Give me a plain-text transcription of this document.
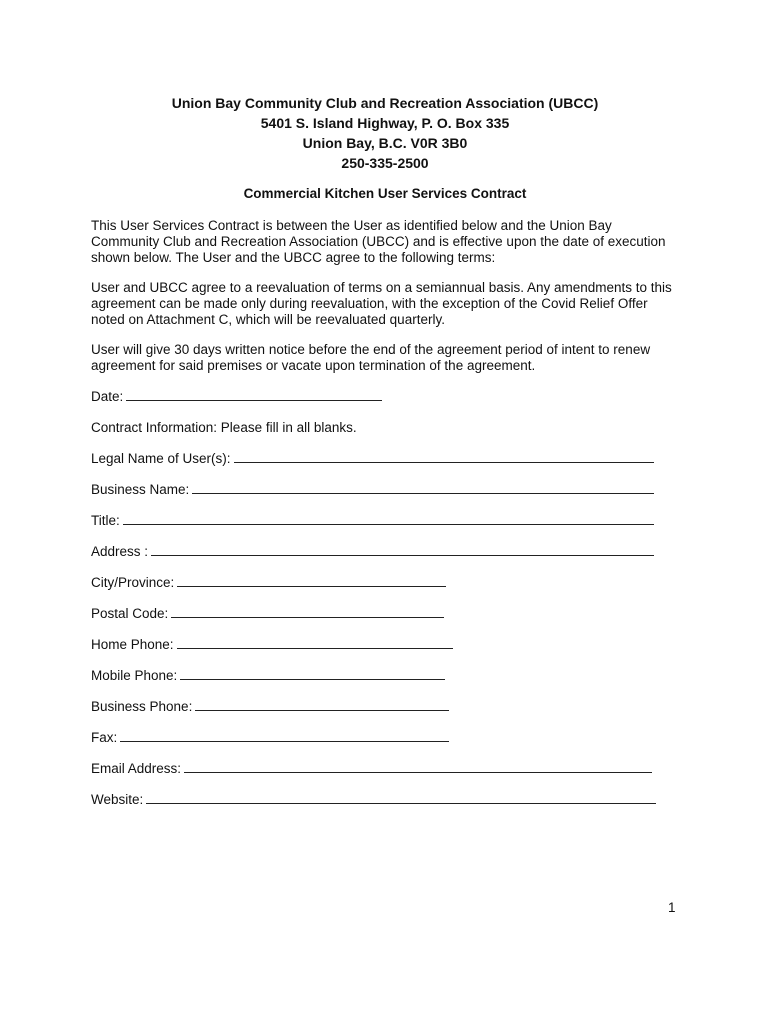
Union Bay Community Club and Recreation Association (UBCC)
5401 S. Island Highway, P. O. Box 335
Union Bay, B.C. V0R 3B0
250-335-2500
Commercial Kitchen User Services Contract

This User Services Contract is between the User as identified below and the Union Bay Community Club and Recreation Association (UBCC) and is effective upon the date of execution shown below. The User and the UBCC agree to the following terms:

User and UBCC agree to a reevaluation of terms on a semiannual basis. Any amendments to this agreement can be made only during reevaluation, with the exception of the Covid Relief Offer noted on Attachment C, which will be reevaluated quarterly.

User will give 30 days written notice before the end of the agreement period of intent to renew agreement for said premises or vacate upon termination of the agreement.

Date:
Contract Information: Please fill in all blanks.
Legal Name of User(s):
Business Name:
Title:
Address :
City/Province:
Postal Code:
Home Phone:
Mobile Phone:
Business Phone:
Fax:
Email Address:
Website:
1
